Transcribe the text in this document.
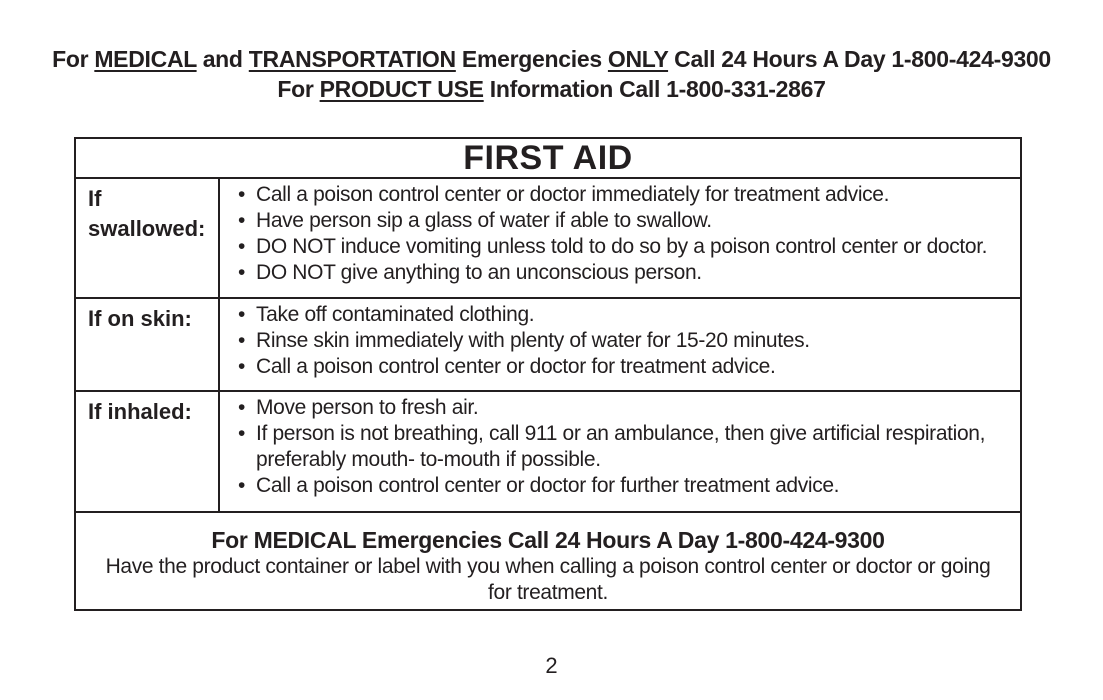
For MEDICAL and TRANSPORTATION Emergencies ONLY Call 24 Hours A Day 1-800-424-9300
For PRODUCT USE Information Call 1-800-331-2867
FIRST AID
If swallowed:
• Call a poison control center or doctor immediately for treatment advice.
• Have person sip a glass of water if able to swallow.
• DO NOT induce vomiting unless told to do so by a poison control center or doctor.
• DO NOT give anything to an unconscious person.
If on skin:	• Take off contaminated clothing.
• Rinse skin immediately with plenty of water for 15-20 minutes.
• Call a poison control center or doctor for treatment advice.
If inhaled:	• Move person to fresh air.
• If person is not breathing, call 911 or an ambulance, then give artificial respiration, preferably mouth- to-mouth if possible.
• Call a poison control center or doctor for further treatment advice.
For MEDICAL Emergencies Call 24 Hours A Day 1-800-424-9300
Have the product container or label with you when calling a poison control center or doctor or going for treatment.
2
